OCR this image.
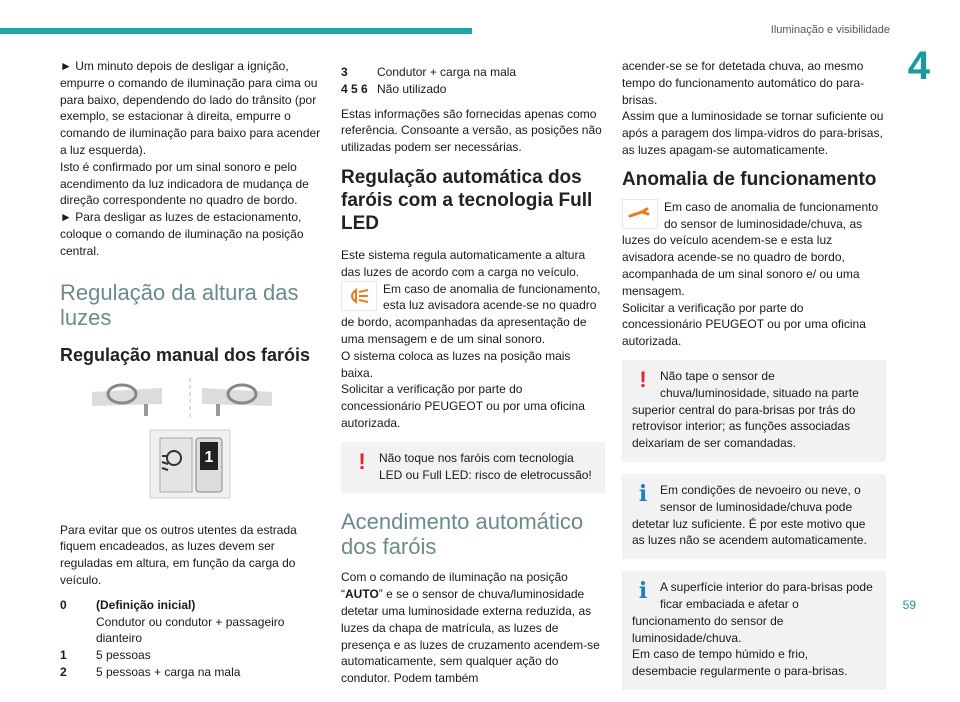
Iluminação e visibilidade
4

► Um minuto depois de desligar a ignição, empurre o comando de iluminação para cima ou para baixo, dependendo do lado do trânsito (por exemplo, se estacionar à direita, empurre o comando de iluminação para baixo para acender a luz esquerda).

Isto é confirmado por um sinal sonoro e pelo acendimento da luz indicadora de mudança de direção correspondente no quadro de bordo.

► Para desligar as luzes de estacionamento, coloque o comando de iluminação na posição central.

Regulação da altura das luzes
Regulação manual dos faróis
1

Para evitar que os outros utentes da estrada fiquem encadeados, as luzes devem ser reguladas em altura, em função da carga do veículo.

0	(Definição inicial)
Condutor ou condutor + passageiro dianteiro
1	5 pessoas
2	5 pessoas + carga na mala
3	Condutor + carga na mala
4 5 6 Não utilizado

Estas informações são fornecidas apenas como referência. Consoante a versão, as posições não utilizadas podem ser necessárias.

Regulação automática dos faróis com a tecnologia Full LED

Este sistema regula automaticamente a altura das luzes de acordo com a carga no veículo.

Em caso de anomalia de funcionamento, esta luz avisadora acende-se no quadro de bordo, acompanhadas da apresentação de uma mensagem e de um sinal sonoro.

O sistema coloca as luzes na posição mais baixa.

Solicitar a verificação por parte do concessionário PEUGEOT ou por uma oficina autorizada.

! Não toque nos faróis com tecnologia LED ou Full LED: risco de eletrocussão!
Acendimento automático dos faróis

Com o comando de iluminação na posição “AUTO” e se o sensor de chuva/luminosidade detetar uma luminosidade externa reduzida, as luzes da chapa de matrícula, as luzes de presença e as luzes de cruzamento acendem-se automaticamente, sem qualquer ação do condutor. Podem também

acender-se se for detetada chuva, ao mesmo tempo do funcionamento automático do para-brisas.

Assim que a luminosidade se tornar suficiente ou após a paragem dos limpa-vidros do para-brisas, as luzes apagam-se automaticamente.

Anomalia de funcionamento
Em caso de anomalia de funcionamento do sensor de luminosidade/chuva, as luzes do veículo acendem-se e esta luz avisadora acende-se no quadro de bordo, acompanhada de um sinal sonoro e/ ou uma mensagem.

Solicitar a verificação por parte do concessionário PEUGEOT ou por uma oficina autorizada.

! Não tape o sensor de chuva/luminosidade, situado na parte superior central do para-brisas por trás do retrovisor interior; as funções associadas deixariam de ser comandadas.
i Em condições de nevoeiro ou neve, o sensor de luminosidade/chuva pode detetar luz suficiente. É por este motivo que as luzes não se acendem automaticamente.
i A superfície interior do para-brisas pode ficar embaciada e afetar o funcionamento do sensor de luminosidade/chuva.
Em caso de tempo húmido e frio, desembacie regularmente o para-brisas.
59
